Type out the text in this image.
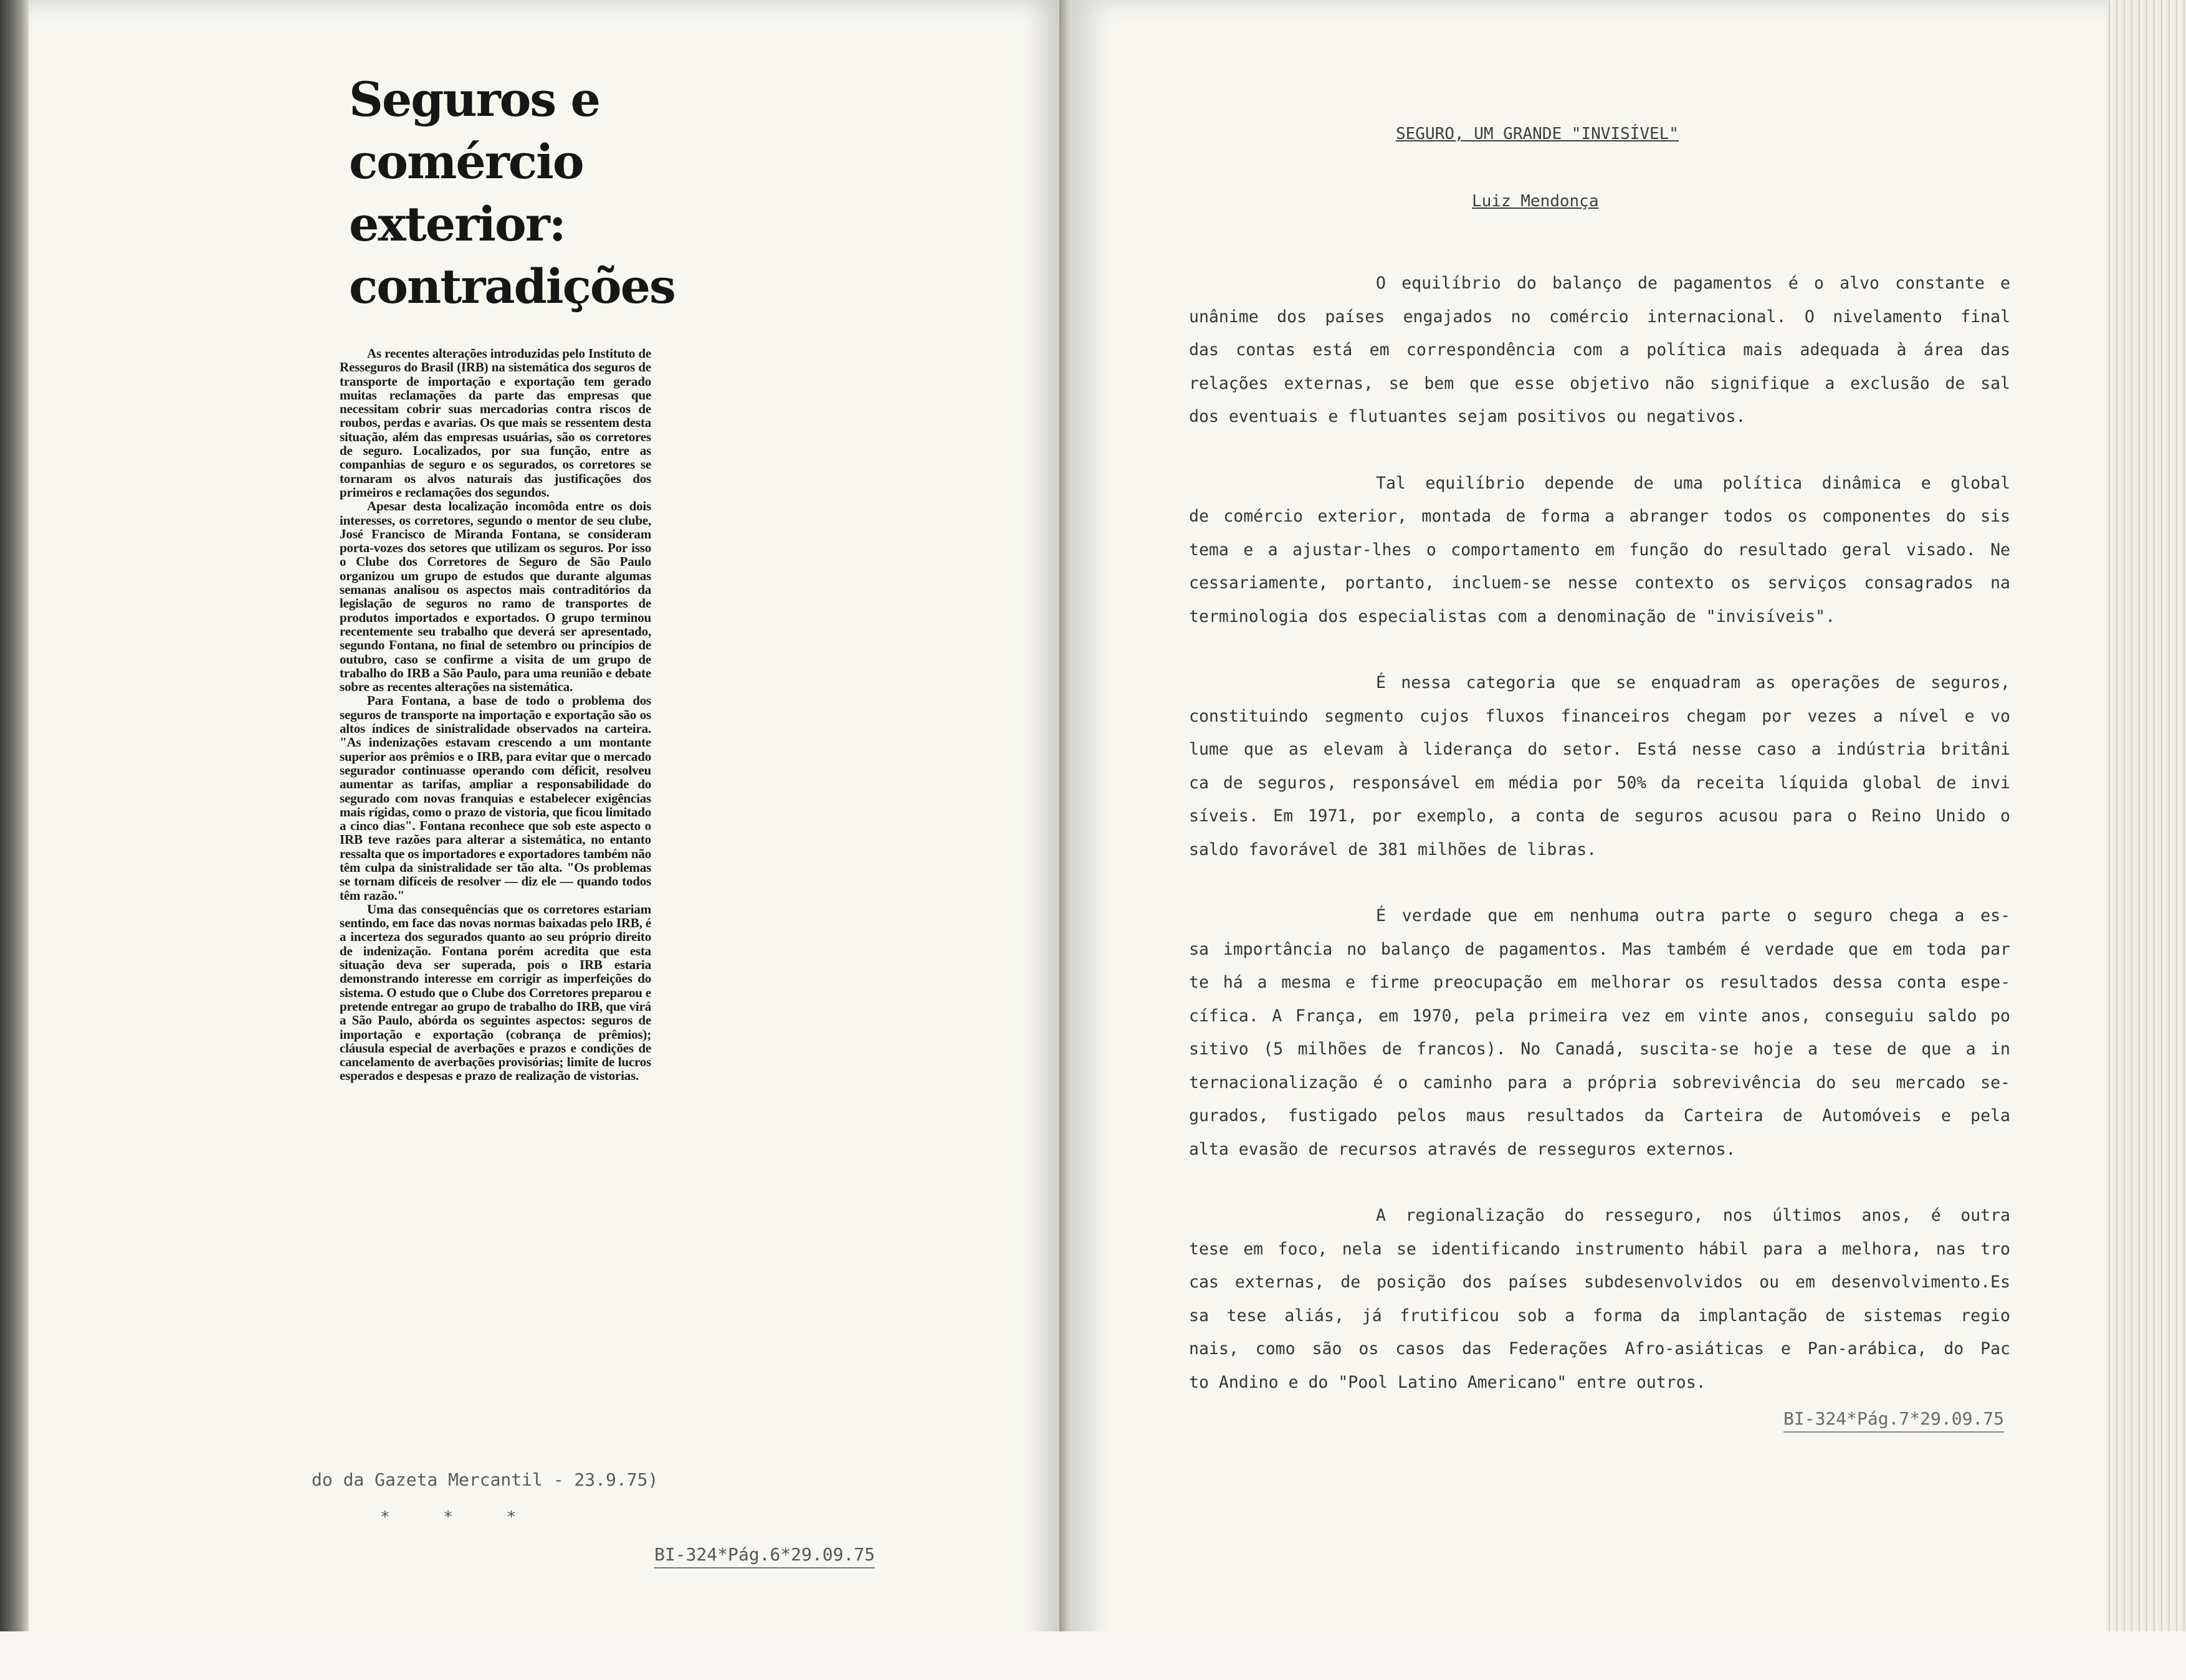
Seguros e
comércio
exterior:
contradições

As recentes alterações introduzidas pelo Instituto de Resseguros do Brasil (IRB) na sistemática dos seguros de transporte de importação e exportação tem gerado muitas reclamações da parte das empresas que necessitam cobrir suas mercadorias contra riscos de roubos, perdas e avarias. Os que mais se ressentem desta situação, além das empresas usuárias, são os corretores de seguro. Localizados, por sua função, entre as companhias de seguro e os segurados, os corretores se tornaram os alvos naturais das justificações dos primeiros e reclamações dos segundos.

Apesar desta localização incomôda entre os dois interesses, os corretores, segundo o mentor de seu clube, José Francisco de Miranda Fontana, se consideram porta-vozes dos setores que utilizam os seguros. Por isso o Clube dos Corretores de Seguro de São Paulo organizou um grupo de estudos que durante algumas semanas analisou os aspectos mais contraditórios da legislação de seguros no ramo de transportes de produtos importados e exportados. O grupo terminou recentemente seu trabalho que deverá ser apresentado, segundo Fontana, no final de setembro ou princípios de outubro, caso se confirme a visita de um grupo de trabalho do IRB a São Paulo, para uma reunião e debate sobre as recentes alterações na sistemática.

Para Fontana, a base de todo o problema dos seguros de transporte na importação e exportação são os altos índices de sinistralidade observados na carteira. "As indenizações estavam crescendo a um montante superior aos prêmios e o IRB, para evitar que o mercado segurador continuasse operando com déficit, resolveu aumentar as tarifas, ampliar a responsabilidade do segurado com novas franquias e estabelecer exigências mais rígidas, como o prazo de vistoria, que ficou limitado a cinco dias". Fontana reconhece que sob este aspecto o IRB teve razões para alterar a sistemática, no entanto ressalta que os importadores e exportadores também não têm culpa da sinistralidade ser tão alta. "Os problemas se tornam difíceis de resolver — diz ele — quando todos têm razão."

Uma das consequências que os corretores estariam sentindo, em face das novas normas baixadas pelo IRB, é a incerteza dos segurados quanto ao seu próprio direito de indenização. Fontana porém acredita que esta situação deva ser superada, pois o IRB estaria demonstrando interesse em corrigir as imperfeições do sistema. O estudo que o Clube dos Corretores preparou e pretende entregar ao grupo de trabalho do IRB, que virá a São Paulo, abórda os seguintes aspectos: seguros de importação e exportação (cobrança de prêmios); cláusula especial de averbações e prazos e condições de cancelamento de averbações provisórias; limite de lucros esperados e despesas e prazo de realização de vistorias.

do da Gazeta Mercantil - 23.9.75)
* * *
BI-324*Pág.6*29.09.75
SEGURO, UM GRANDE "INVISÍVEL"
Luiz Mendonça

O equilíbrio do balanço de pagamentos é o alvo constante e
unânime dos países engajados no comércio internacional. O nivelamento final
das contas está em correspondência com a política mais adequada à área das
relações externas, se bem que esse objetivo não signifique a exclusão de sal
dos eventuais e flutuantes sejam positivos ou negativos.

Tal equilíbrio depende de uma política dinâmica e global
de comércio exterior, montada de forma a abranger todos os componentes do sis
tema e a ajustar-lhes o comportamento em função do resultado geral visado. Ne
cessariamente, portanto, incluem-se nesse contexto os serviços consagrados na
terminologia dos especialistas com a denominação de "invisíveis".

É nessa categoria que se enquadram as operações de seguros,
constituindo segmento cujos fluxos financeiros chegam por vezes a nível e vo
lume que as elevam à liderança do setor. Está nesse caso a indústria britâni
ca de seguros, responsável em média por 50% da receita líquida global de invi
síveis. Em 1971, por exemplo, a conta de seguros acusou para o Reino Unido o
saldo favorável de 381 milhões de libras.

É verdade que em nenhuma outra parte o seguro chega a es-
sa importância no balanço de pagamentos. Mas também é verdade que em toda par
te há a mesma e firme preocupação em melhorar os resultados dessa conta espe-
cífica. A França, em 1970, pela primeira vez em vinte anos, conseguiu saldo po
sitivo (5 milhões de francos). No Canadá, suscita-se hoje a tese de que a in
ternacionalização é o caminho para a própria sobrevivência do seu mercado se-
gurados, fustigado pelos maus resultados da Carteira de Automóveis e pela
alta evasão de recursos através de resseguros externos.

A regionalização do resseguro, nos últimos anos, é outra
tese em foco, nela se identificando instrumento hábil para a melhora, nas tro
cas externas, de posição dos países subdesenvolvidos ou em desenvolvimento.Es
sa tese aliás, já frutificou sob a forma da implantação de sistemas regio
nais, como são os casos das Federações Afro-asiáticas e Pan-arábica, do Pac
to Andino e do "Pool Latino Americano" entre outros.

BI-324*Pág.7*29.09.75
